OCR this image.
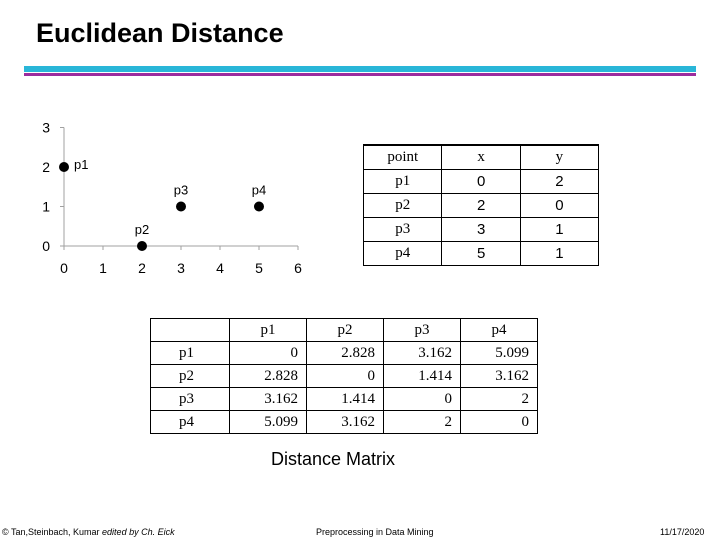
Euclidean Distance
0 1 2 3 4 5 6
0
1
2
3
p1
p2
p3	p4
point	x	y
p1	0	2
p2	2	0
p3	3	1
p4	5	1
	p1	p2	p3	p4
p1	0	2.828	3.162	5.099
p2	2.828	0	1.414	3.162
p3	3.162	1.414	0	2
p4	5.099	3.162	2	0
Distance Matrix
© Tan,Steinbach, Kumar edited by Ch. Eick	Preprocessing in Data Mining	11/17/2020
